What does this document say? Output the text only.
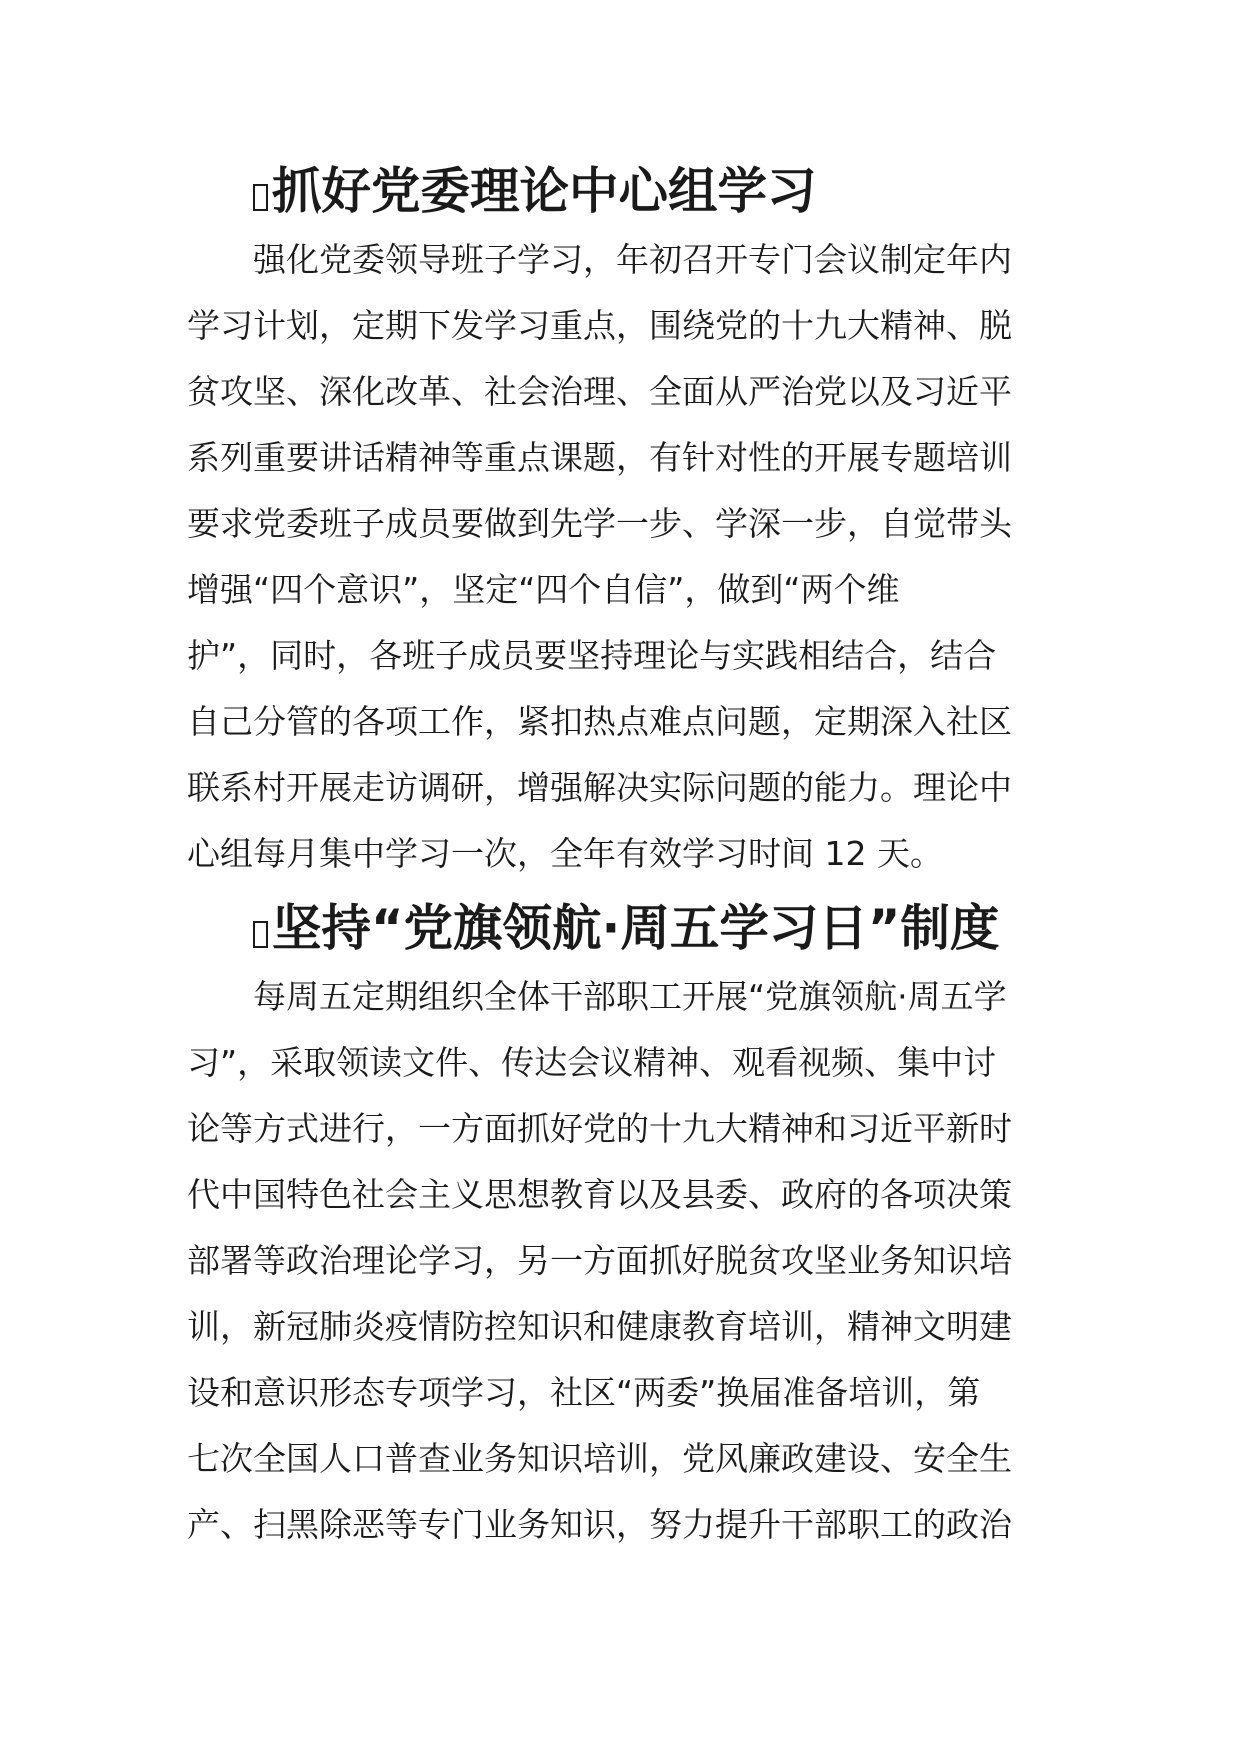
抓好党委理论中心组学习

强化党委领导班子学习，年初召开专门会议制定年内
学习计划，定期下发学习重点，围绕党的十九大精神、脱
贫攻坚、深化改革、社会治理、全面从严治党以及习近平
系列重要讲话精神等重点课题，有针对性的开展专题培训
要求党委班子成员要做到先学一步、学深一步，自觉带头
增强“四个意识”，坚定“四个自信”，做到“两个维
护”，同时，各班子成员要坚持理论与实践相结合，结合
自己分管的各项工作，紧扣热点难点问题，定期深入社区
联系村开展走访调研，增强解决实际问题的能力。理论中
心组每月集中学习一次，全年有效学习时间 12 天。

坚持“党旗领航·周五学习日”制度

每周五定期组织全体干部职工开展“党旗领航·周五学
习”，采取领读文件、传达会议精神、观看视频、集中讨
论等方式进行，一方面抓好党的十九大精神和习近平新时
代中国特色社会主义思想教育以及县委、政府的各项决策
部署等政治理论学习，另一方面抓好脱贫攻坚业务知识培
训，新冠肺炎疫情防控知识和健康教育培训，精神文明建
设和意识形态专项学习，社区“两委”换届准备培训，第
七次全国人口普查业务知识培训，党风廉政建设、安全生
产、扫黑除恶等专门业务知识，努力提升干部职工的政治
